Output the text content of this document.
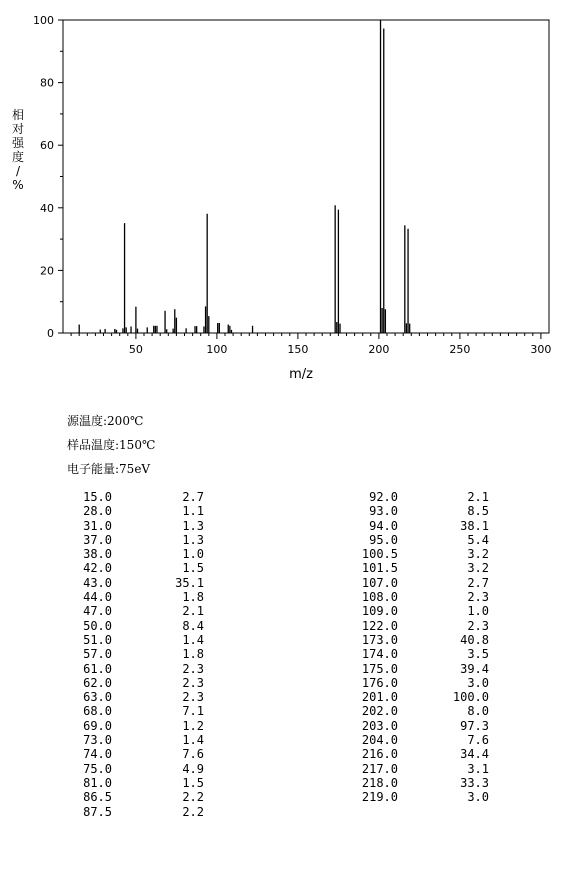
0
20
40
60
80
100
50	100	150	200	250	300
m/z
相
对
强
度
/
%
源温度:200℃
样品温度:150℃
电子能量:75eV
15.0	2.7
28.0	1.1
31.0	1.3
37.0	1.3
38.0	1.0
42.0	1.5
43.0	35.1
44.0	1.8
47.0	2.1
50.0	8.4
51.0	1.4
57.0	1.8
61.0	2.3
62.0	2.3
63.0	2.3
68.0	7.1
69.0	1.2
73.0	1.4
74.0	7.6
75.0	4.9
81.0	1.5
86.5	2.2
87.5	2.2
92.0	2.1
93.0	8.5
94.0	38.1
95.0	5.4
100.5	3.2
101.5	3.2
107.0	2.7
108.0	2.3
109.0	1.0
122.0	2.3
173.0	40.8
174.0	3.5
175.0	39.4
176.0	3.0
201.0	100.0
202.0	8.0
203.0	97.3
204.0	7.6
216.0	34.4
217.0	3.1
218.0	33.3
219.0	3.0
